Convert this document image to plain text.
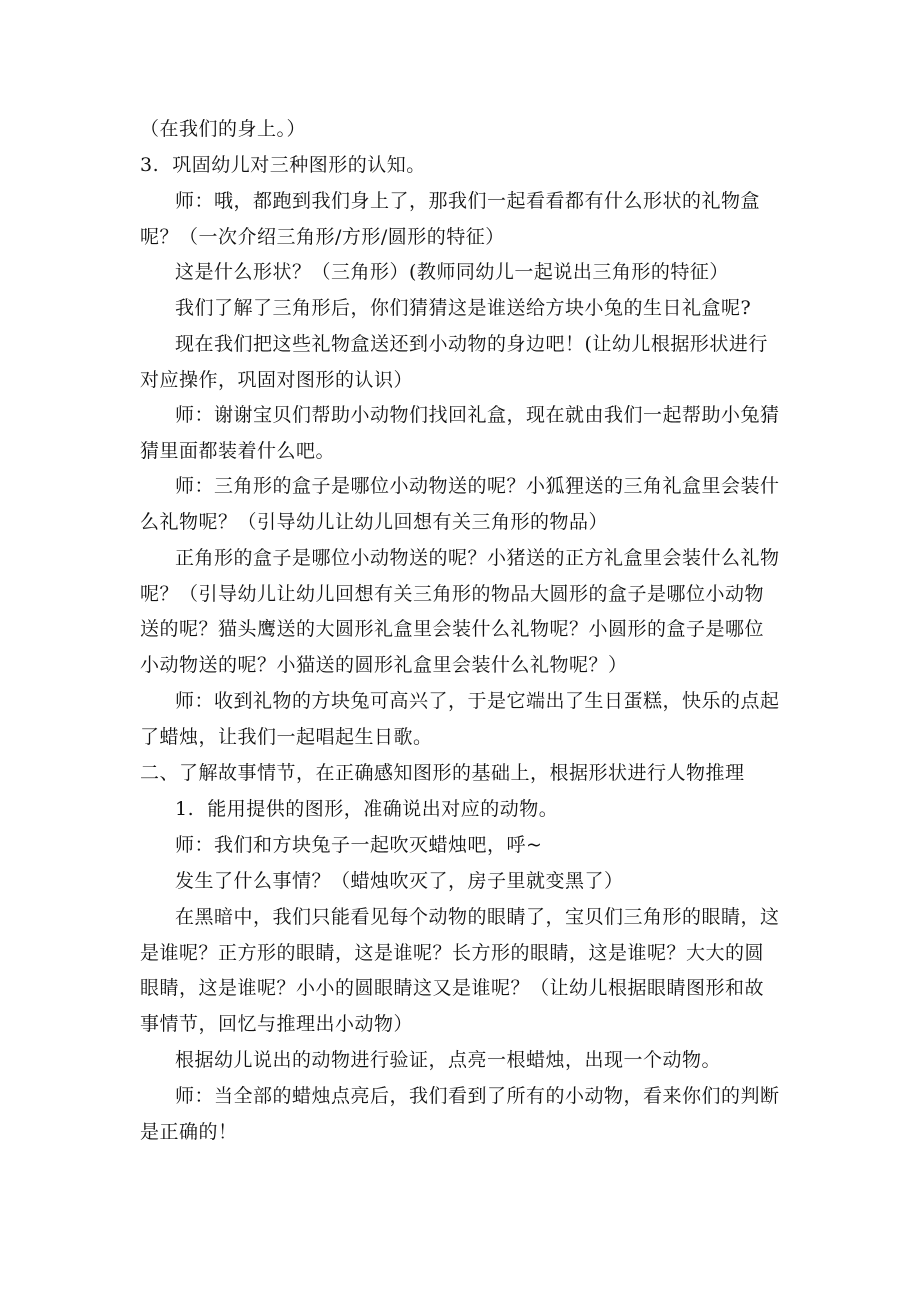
（在我们的身上。）

3.  巩固幼儿对三种图形的认知。

师：哦，都跑到我们身上了，那我们一起看看都有什么形状的礼物盒呢？（一次介绍三角形/方形/圆形的特征）

这是什么形状？（三角形）(教师同幼儿一起说出三角形的特征）

我们了解了三角形后，你们猜猜这是谁送给方块小兔的生日礼盒呢?

现在我们把这些礼物盒送还到小动物的身边吧！(让幼儿根据形状进行对应操作，巩固对图形的认识）

师：谢谢宝贝们帮助小动物们找回礼盒，现在就由我们一起帮助小兔猜猜里面都装着什么吧。

师：三角形的盒子是哪位小动物送的呢？小狐狸送的三角礼盒里会装什么礼物呢？（引导幼儿让幼儿回想有关三角形的物品）

正角形的盒子是哪位小动物送的呢？小猪送的正方礼盒里会装什么礼物呢？（引导幼儿让幼儿回想有关三角形的物品大圆形的盒子是哪位小动物送的呢？猫头鹰送的大圆形礼盒里会装什么礼物呢？小圆形的盒子是哪位小动物送的呢？小猫送的圆形礼盒里会装什么礼物呢？）

师：收到礼物的方块兔可高兴了，于是它端出了生日蛋糕，快乐的点起了蜡烛，让我们一起唱起生日歌。

二、了解故事情节，在正确感知图形的基础上，根据形状进行人物推理

1.  能用提供的图形，准确说出对应的动物。

师：我们和方块兔子一起吹灭蜡烛吧，呼~

发生了什么事情？（蜡烛吹灭了，房子里就变黑了）

在黑暗中，我们只能看见每个动物的眼睛了，宝贝们三角形的眼睛，这是谁呢？正方形的眼睛，这是谁呢？长方形的眼睛，这是谁呢？大大的圆眼睛，这是谁呢？小小的圆眼睛这又是谁呢？（让幼儿根据眼睛图形和故事情节，回忆与推理出小动物）

根据幼儿说出的动物进行验证，点亮一根蜡烛，出现一个动物。

师：当全部的蜡烛点亮后，我们看到了所有的小动物，看来你们的判断是正确的！
